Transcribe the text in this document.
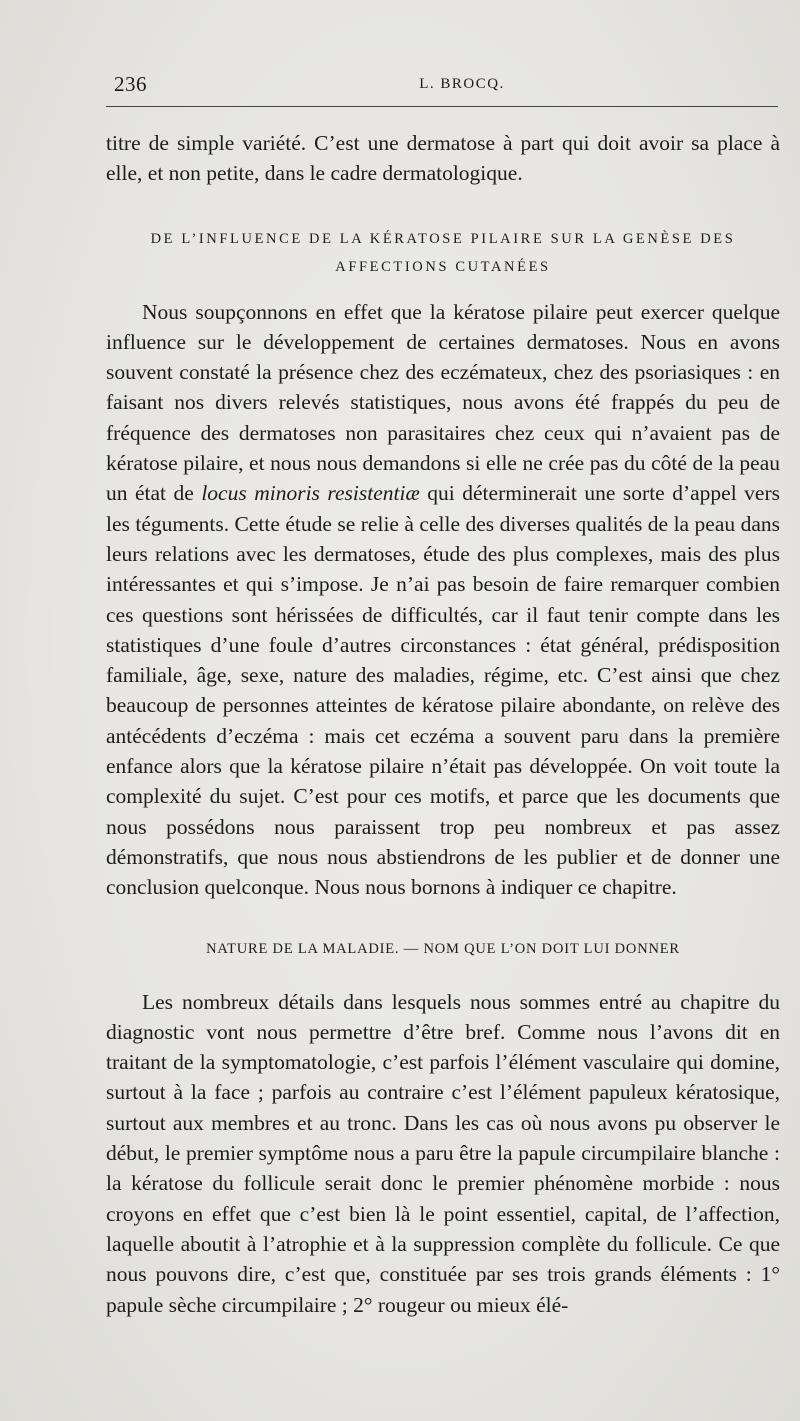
236	L. BROCQ.

titre de simple variété. C’est une dermatose à part qui doit avoir sa place à elle, et non petite, dans le cadre dermatologique.

DE L’INFLUENCE DE LA KÉRATOSE PILAIRE SUR LA GENÈSE DES AFFECTIONS CUTANÉES

Nous soupçonnons en effet que la kératose pilaire peut exercer quelque influence sur le développement de certaines dermatoses. Nous en avons souvent constaté la présence chez des eczémateux, chez des psoriasiques : en faisant nos divers relevés statistiques, nous avons été frappés du peu de fréquence des dermatoses non parasitaires chez ceux qui n’avaient pas de kératose pilaire, et nous nous demandons si elle ne crée pas du côté de la peau un état de locus minoris resistentiæ qui déterminerait une sorte d’appel vers les téguments. Cette étude se relie à celle des diverses qualités de la peau dans leurs relations avec les dermatoses, étude des plus complexes, mais des plus intéressantes et qui s’impose. Je n’ai pas besoin de faire remarquer combien ces questions sont hérissées de difficultés, car il faut tenir compte dans les statistiques d’une foule d’autres circonstances : état général, prédisposition familiale, âge, sexe, nature des maladies, régime, etc. C’est ainsi que chez beaucoup de personnes atteintes de kératose pilaire abondante, on relève des antécédents d’eczéma : mais cet eczéma a souvent paru dans la première enfance alors que la kératose pilaire n’était pas développée. On voit toute la complexité du sujet. C’est pour ces motifs, et parce que les documents que nous possédons nous paraissent trop peu nombreux et pas assez démonstratifs, que nous nous abstiendrons de les publier et de donner une conclusion quelconque. Nous nous bornons à indiquer ce chapitre.

NATURE DE LA MALADIE. — NOM QUE L’ON DOIT LUI DONNER

Les nombreux détails dans lesquels nous sommes entré au chapitre du diagnostic vont nous permettre d’être bref. Comme nous l’avons dit en traitant de la symptomatologie, c’est parfois l’élément vasculaire qui domine, surtout à la face ; parfois au contraire c’est l’élément papuleux kératosique, surtout aux membres et au tronc. Dans les cas où nous avons pu observer le début, le premier symptôme nous a paru être la papule circumpilaire blanche : la kératose du follicule serait donc le premier phénomène morbide : nous croyons en effet que c’est bien là le point essentiel, capital, de l’affection, laquelle aboutit à l’atrophie et à la suppression complète du follicule. Ce que nous pouvons dire, c’est que, constituée par ses trois grands éléments : 1° papule sèche circumpilaire ; 2° rougeur ou mieux élé-
